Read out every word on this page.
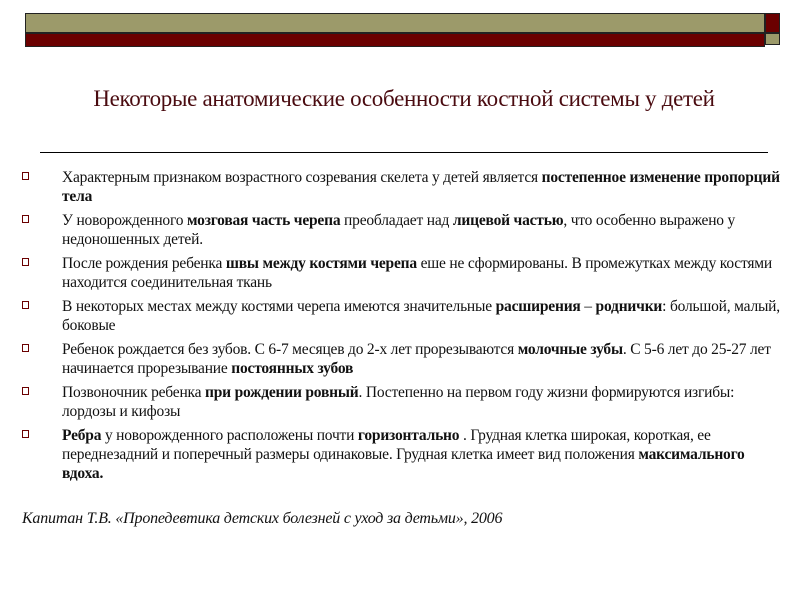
Некоторые анатомические особенности костной системы у детей
Характерным признаком возрастного созревания скелета у детей является постепенное изменение пропорций тела
У новорожденного мозговая часть черепа преобладает над лицевой частью, что особенно выражено у недоношенных детей.
После рождения ребенка швы между костями черепа еше не сформированы. В промежутках между костями находится соединительная ткань
В некоторых местах между костями черепа имеются значительные расширения – роднички: большой, малый, боковые
Ребенок рождается без зубов. С 6-7 месяцев до 2-х лет прорезываются молочные зубы. С 5-6 лет до 25-27 лет начинается прорезывание постоянных зубов
Позвоночник ребенка при рождении ровный. Постепенно на первом году жизни формируются изгибы: лордозы и кифозы
Ребра у новорожденного расположены почти горизонтально . Грудная клетка широкая, короткая, ее переднезадний и поперечный размеры одинаковые. Грудная клетка имеет вид положения максимального вдоха.
Капитан Т.В. «Пропедевтика детских болезней с уход за детьми», 2006
